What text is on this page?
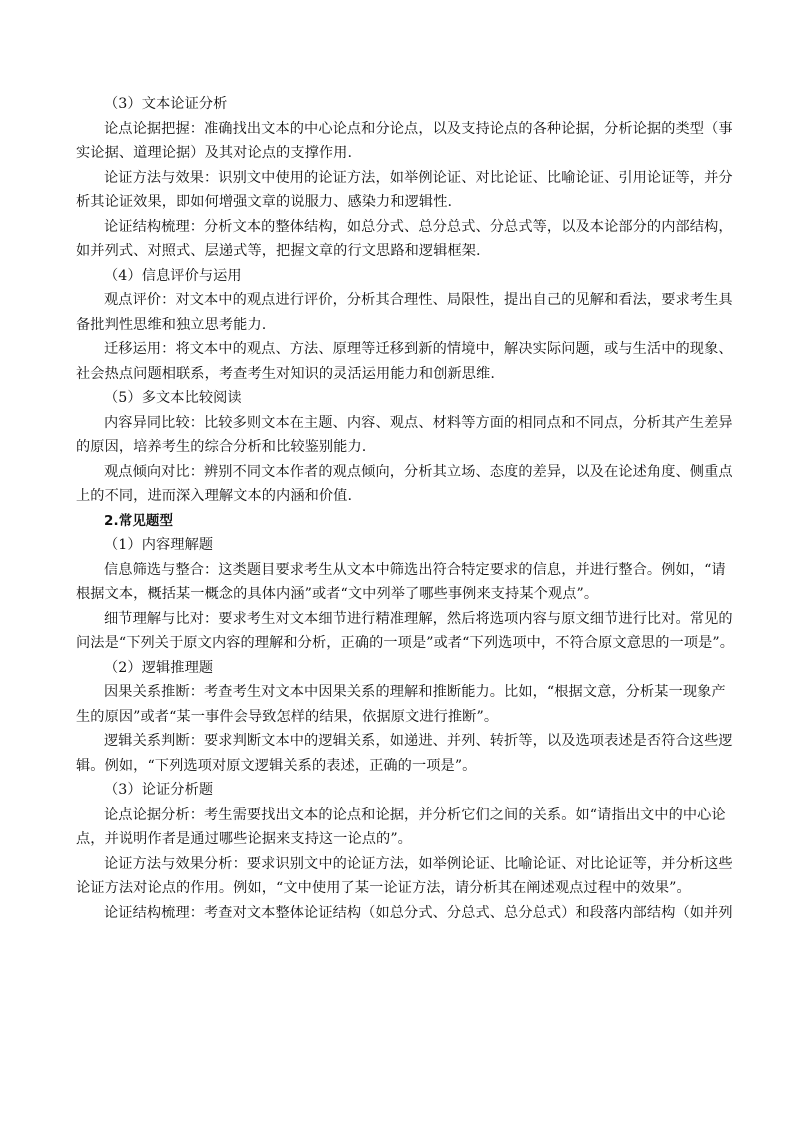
（3）文本论证分析
论点论据把握：准确找出文本的中心论点和分论点，以及支持论点的各种论据，分析论据的类型（事
实论据、道理论据）及其对论点的支撑作用.
论证方法与效果：识别文中使用的论证方法，如举例论证、对比论证、比喻论证、引用论证等，并分
析其论证效果，即如何增强文章的说服力、感染力和逻辑性.
论证结构梳理：分析文本的整体结构，如总分式、总分总式、分总式等，以及本论部分的内部结构，
如并列式、对照式、层递式等，把握文章的行文思路和逻辑框架.
（4）信息评价与运用
观点评价：对文本中的观点进行评价，分析其合理性、局限性，提出自己的见解和看法，要求考生具
备批判性思维和独立思考能力.
迁移运用：将文本中的观点、方法、原理等迁移到新的情境中，解决实际问题，或与生活中的现象、
社会热点问题相联系，考查考生对知识的灵活运用能力和创新思维.
（5）多文本比较阅读
内容异同比较：比较多则文本在主题、内容、观点、材料等方面的相同点和不同点，分析其产生差异
的原因，培养考生的综合分析和比较鉴别能力.
观点倾向对比：辨别不同文本作者的观点倾向，分析其立场、态度的差异，以及在论述角度、侧重点
上的不同，进而深入理解文本的内涵和价值.
2.常见题型
（1）内容理解题
信息筛选与整合：这类题目要求考生从文本中筛选出符合特定要求的信息，并进行整合。例如，“请
根据文本，概括某一概念的具体内涵”或者“文中列举了哪些事例来支持某个观点”。
细节理解与比对：要求考生对文本细节进行精准理解，然后将选项内容与原文细节进行比对。常见的
问法是“下列关于原文内容的理解和分析，正确的一项是”或者“下列选项中，不符合原文意思的一项是”。
（2）逻辑推理题
因果关系推断：考查考生对文本中因果关系的理解和推断能力。比如，“根据文意，分析某一现象产
生的原因”或者“某一事件会导致怎样的结果，依据原文进行推断”。
逻辑关系判断：要求判断文本中的逻辑关系，如递进、并列、转折等，以及选项表述是否符合这些逻
辑。例如，“下列选项对原文逻辑关系的表述，正确的一项是”。
（3）论证分析题
论点论据分析：考生需要找出文本的论点和论据，并分析它们之间的关系。如“请指出文中的中心论
点，并说明作者是通过哪些论据来支持这一论点的”。
论证方法与效果分析：要求识别文中的论证方法，如举例论证、比喻论证、对比论证等，并分析这些
论证方法对论点的作用。例如，“文中使用了某一论证方法，请分析其在阐述观点过程中的效果”。
论证结构梳理：考查对文本整体论证结构（如总分式、分总式、总分总式）和段落内部结构（如并列
